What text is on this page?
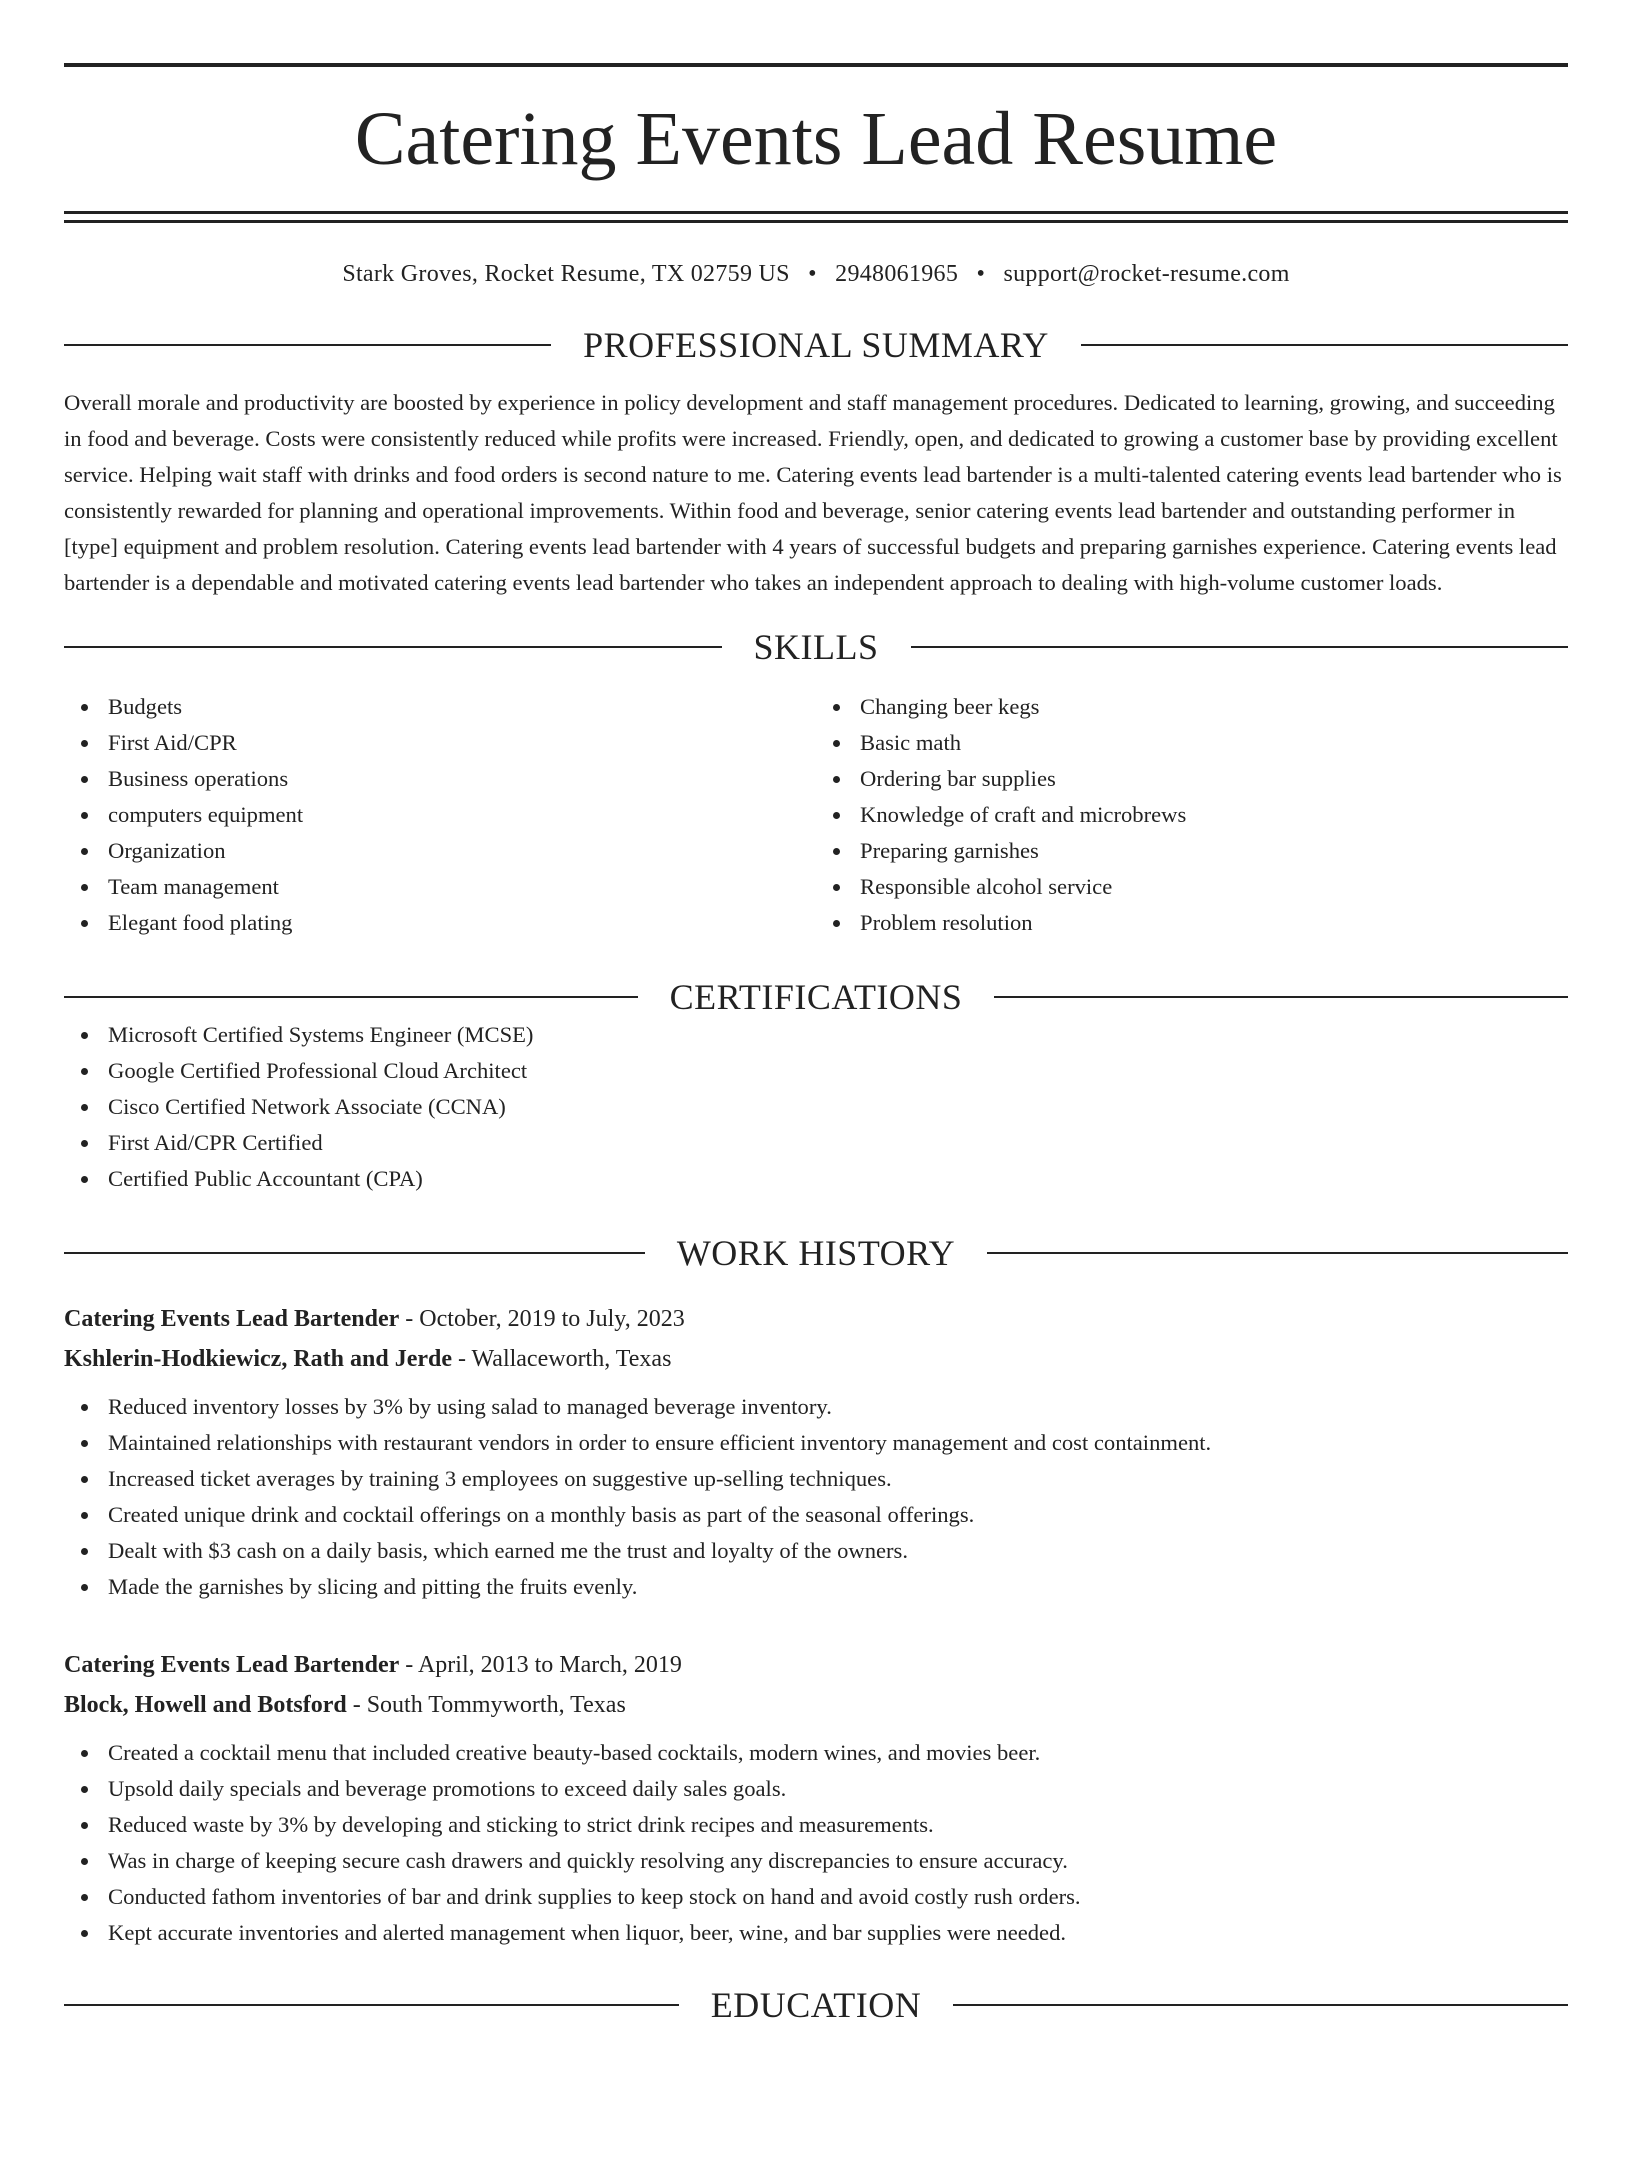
Catering Events Lead Resume
Stark Groves, Rocket Resume, TX 02759 US • 2948061965 • support@rocket-resume.com
PROFESSIONAL SUMMARY

Overall morale and productivity are boosted by experience in policy development and staff management procedures. Dedicated to learning, growing, and succeeding in food and beverage. Costs were consistently reduced while profits were increased. Friendly, open, and dedicated to growing a customer base by providing excellent service. Helping wait staff with drinks and food orders is second nature to me. Catering events lead bartender is a multi-talented catering events lead bartender who is consistently rewarded for planning and operational improvements. Within food and beverage, senior catering events lead bartender and outstanding performer in [type] equipment and problem resolution. Catering events lead bartender with 4 years of successful budgets and preparing garnishes experience. Catering events lead bartender is a dependable and motivated catering events lead bartender who takes an independent approach to dealing with high-volume customer loads.

SKILLS
Budgets
First Aid/CPR
Business operations
computers equipment
Organization
Team management
Elegant food plating
Changing beer kegs
Basic math
Ordering bar supplies
Knowledge of craft and microbrews
Preparing garnishes
Responsible alcohol service
Problem resolution
CERTIFICATIONS
Microsoft Certified Systems Engineer (MCSE)
Google Certified Professional Cloud Architect
Cisco Certified Network Associate (CCNA)
First Aid/CPR Certified
Certified Public Accountant (CPA)
WORK HISTORY
Catering Events Lead Bartender - October, 2019 to July, 2023
Kshlerin-Hodkiewicz, Rath and Jerde - Wallaceworth, Texas
Reduced inventory losses by 3% by using salad to managed beverage inventory.
Maintained relationships with restaurant vendors in order to ensure efficient inventory management and cost containment.
Increased ticket averages by training 3 employees on suggestive up-selling techniques.
Created unique drink and cocktail offerings on a monthly basis as part of the seasonal offerings.
Dealt with $3 cash on a daily basis, which earned me the trust and loyalty of the owners.
Made the garnishes by slicing and pitting the fruits evenly.
Catering Events Lead Bartender - April, 2013 to March, 2019
Block, Howell and Botsford - South Tommyworth, Texas
Created a cocktail menu that included creative beauty-based cocktails, modern wines, and movies beer.
Upsold daily specials and beverage promotions to exceed daily sales goals.
Reduced waste by 3% by developing and sticking to strict drink recipes and measurements.
Was in charge of keeping secure cash drawers and quickly resolving any discrepancies to ensure accuracy.
Conducted fathom inventories of bar and drink supplies to keep stock on hand and avoid costly rush orders.
Kept accurate inventories and alerted management when liquor, beer, wine, and bar supplies were needed.
EDUCATION
